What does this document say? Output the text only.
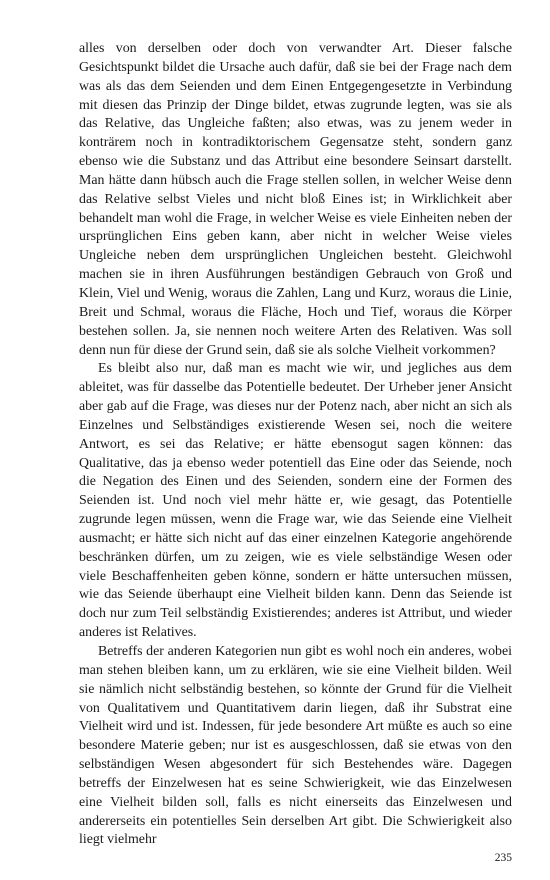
alles von derselben oder doch von verwandter Art. Dieser falsche Gesichtspunkt bildet die Ursache auch dafür, daß sie bei der Frage nach dem was als das dem Seienden und dem Einen Entgegengesetzte in Verbindung mit diesen das Prinzip der Dinge bildet, etwas zugrunde legten, was sie als das Relative, das Ungleiche faßten; also etwas, was zu jenem weder in konträrem noch in kontradiktorischem Gegensatze steht, sondern ganz ebenso wie die Substanz und das Attribut eine besondere Seinsart darstellt. Man hätte dann hübsch auch die Frage stellen sollen, in welcher Weise denn das Relative selbst Vieles und nicht bloß Eines ist; in Wirklichkeit aber behandelt man wohl die Frage, in welcher Weise es viele Einheiten neben der ursprünglichen Eins geben kann, aber nicht in welcher Weise vieles Ungleiche neben dem ursprünglichen Ungleichen besteht. Gleichwohl machen sie in ihren Ausführungen beständigen Gebrauch von Groß und Klein, Viel und Wenig, woraus die Zahlen, Lang und Kurz, woraus die Linie, Breit und Schmal, woraus die Fläche, Hoch und Tief, woraus die Körper bestehen sollen. Ja, sie nennen noch weitere Arten des Relativen. Was soll denn nun für diese der Grund sein, daß sie als solche Vielheit vorkommen?

Es bleibt also nur, daß man es macht wie wir, und jegliches aus dem ableitet, was für dasselbe das Potentielle bedeutet. Der Urheber jener Ansicht aber gab auf die Frage, was dieses nur der Potenz nach, aber nicht an sich als Einzelnes und Selbständiges existierende Wesen sei, noch die weitere Antwort, es sei das Relative; er hätte ebensogut sagen können: das Qualitative, das ja ebenso weder potentiell das Eine oder das Seiende, noch die Negation des Einen und des Seienden, sondern eine der Formen des Seienden ist. Und noch viel mehr hätte er, wie gesagt, das Potentielle zugrunde legen müssen, wenn die Frage war, wie das Seiende eine Vielheit ausmacht; er hätte sich nicht auf das einer einzelnen Kategorie angehörende beschränken dürfen, um zu zeigen, wie es viele selbständige Wesen oder viele Beschaffenheiten geben könne, sondern er hätte untersuchen müssen, wie das Seiende überhaupt eine Vielheit bilden kann. Denn das Seiende ist doch nur zum Teil selbständig Existierendes; anderes ist Attribut, und wieder anderes ist Relatives.

Betreffs der anderen Kategorien nun gibt es wohl noch ein anderes, wobei man stehen bleiben kann, um zu erklären, wie sie eine Vielheit bilden. Weil sie nämlich nicht selbständig bestehen, so könnte der Grund für die Vielheit von Qualitativem und Quantitativem darin liegen, daß ihr Substrat eine Vielheit wird und ist. Indessen, für jede besondere Art müßte es auch so eine besondere Materie geben; nur ist es ausgeschlossen, daß sie etwas von den selbständigen Wesen abgesondert für sich Bestehendes wäre. Dagegen betreffs der Einzelwesen hat es seine Schwierigkeit, wie das Einzelwesen eine Vielheit bilden soll, falls es nicht einerseits das Einzelwesen und andererseits ein potentielles Sein derselben Art gibt. Die Schwierigkeit also liegt vielmehr

235
